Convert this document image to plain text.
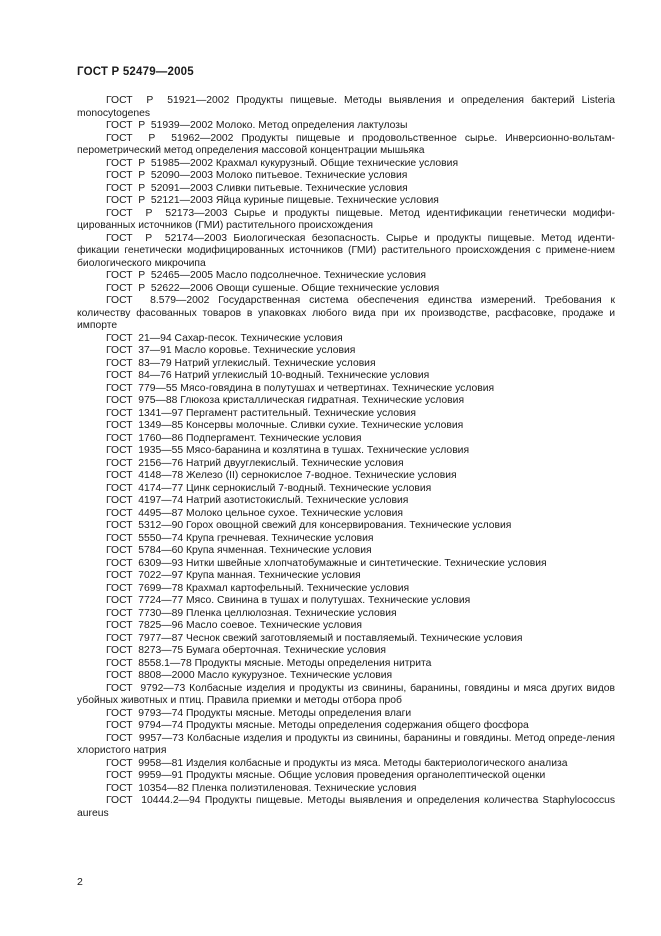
ГОСТ Р 52479—2005
ГОСТ  Р  51921—2002 Продукты пищевые. Методы выявления и определения бактерий Listeria monocytogenes
ГОСТ  Р  51939—2002 Молоко. Метод определения лактулозы
ГОСТ  Р  51962—2002 Продукты пищевые и продовольственное сырье. Инверсионно-вольтам-перометрический метод определения массовой концентрации мышьяка
ГОСТ  Р  51985—2002 Крахмал кукурузный. Общие технические условия
ГОСТ  Р  52090—2003 Молоко питьевое. Технические условия
ГОСТ  Р  52091—2003 Сливки питьевые. Технические условия
ГОСТ  Р  52121—2003 Яйца куриные пищевые. Технические условия
ГОСТ  Р  52173—2003 Сырье и продукты пищевые. Метод идентификации генетически модифи-цированных источников (ГМИ) растительного происхождения
ГОСТ  Р  52174—2003 Биологическая безопасность. Сырье и продукты пищевые. Метод иденти-фикации генетически модифицированных источников (ГМИ) растительного происхождения с примене-нием биологического микрочипа
ГОСТ  Р  52465—2005 Масло подсолнечное. Технические условия
ГОСТ  Р  52622—2006 Овощи сушеные. Общие технические условия
ГОСТ  8.579—2002 Государственная система обеспечения единства измерений. Требования к количеству фасованных товаров в упаковках любого вида при их производстве, расфасовке, продаже и импорте
ГОСТ  21—94 Сахар-песок. Технические условия
ГОСТ  37—91 Масло коровье. Технические условия
ГОСТ  83—79 Натрий углекислый. Технические условия
ГОСТ  84—76 Натрий углекислый 10-водный. Технические условия
ГОСТ  779—55 Мясо-говядина в полутушах и четвертинах. Технические условия
ГОСТ  975—88 Глюкоза кристаллическая гидратная. Технические условия
ГОСТ  1341—97 Пергамент растительный. Технические условия
ГОСТ  1349—85 Консервы молочные. Сливки сухие. Технические условия
ГОСТ  1760—86 Подпергамент. Технические условия
ГОСТ  1935—55 Мясо-баранина и козлятина в тушах. Технические условия
ГОСТ  2156—76 Натрий двууглекислый. Технические условия
ГОСТ  4148—78 Железо (II) сернокислое 7-водное. Технические условия
ГОСТ  4174—77 Цинк сернокислый 7-водный. Технические условия
ГОСТ  4197—74 Натрий азотистокислый. Технические условия
ГОСТ  4495—87 Молоко цельное сухое. Технические условия
ГОСТ  5312—90 Горох овощной свежий для консервирования. Технические условия
ГОСТ  5550—74 Крупа гречневая. Технические условия
ГОСТ  5784—60 Крупа ячменная. Технические условия
ГОСТ  6309—93 Нитки швейные хлопчатобумажные и синтетические. Технические условия
ГОСТ  7022—97 Крупа манная. Технические условия
ГОСТ  7699—78 Крахмал картофельный. Технические условия
ГОСТ  7724—77 Мясо. Свинина в тушах и полутушах. Технические условия
ГОСТ  7730—89 Пленка целлюлозная. Технические условия
ГОСТ  7825—96 Масло соевое. Технические условия
ГОСТ  7977—87 Чеснок свежий заготовляемый и поставляемый. Технические условия
ГОСТ  8273—75 Бумага оберточная. Технические условия
ГОСТ  8558.1—78 Продукты мясные. Методы определения нитрита
ГОСТ  8808—2000 Масло кукурузное. Технические условия
ГОСТ  9792—73 Колбасные изделия и продукты из свинины, баранины, говядины и мяса других видов убойных животных и птиц. Правила приемки и методы отбора проб
ГОСТ  9793—74 Продукты мясные. Методы определения влаги
ГОСТ  9794—74 Продукты мясные. Методы определения содержания общего фосфора
ГОСТ  9957—73 Колбасные изделия и продукты из свинины, баранины и говядины. Метод опреде-ления хлористого натрия
ГОСТ  9958—81 Изделия колбасные и продукты из мяса. Методы бактериологического анализа
ГОСТ  9959—91 Продукты мясные. Общие условия проведения органолептической оценки
ГОСТ  10354—82 Пленка полиэтиленовая. Технические условия
ГОСТ  10444.2—94 Продукты пищевые. Методы выявления и определения количества Staphylococcus aureus
2
